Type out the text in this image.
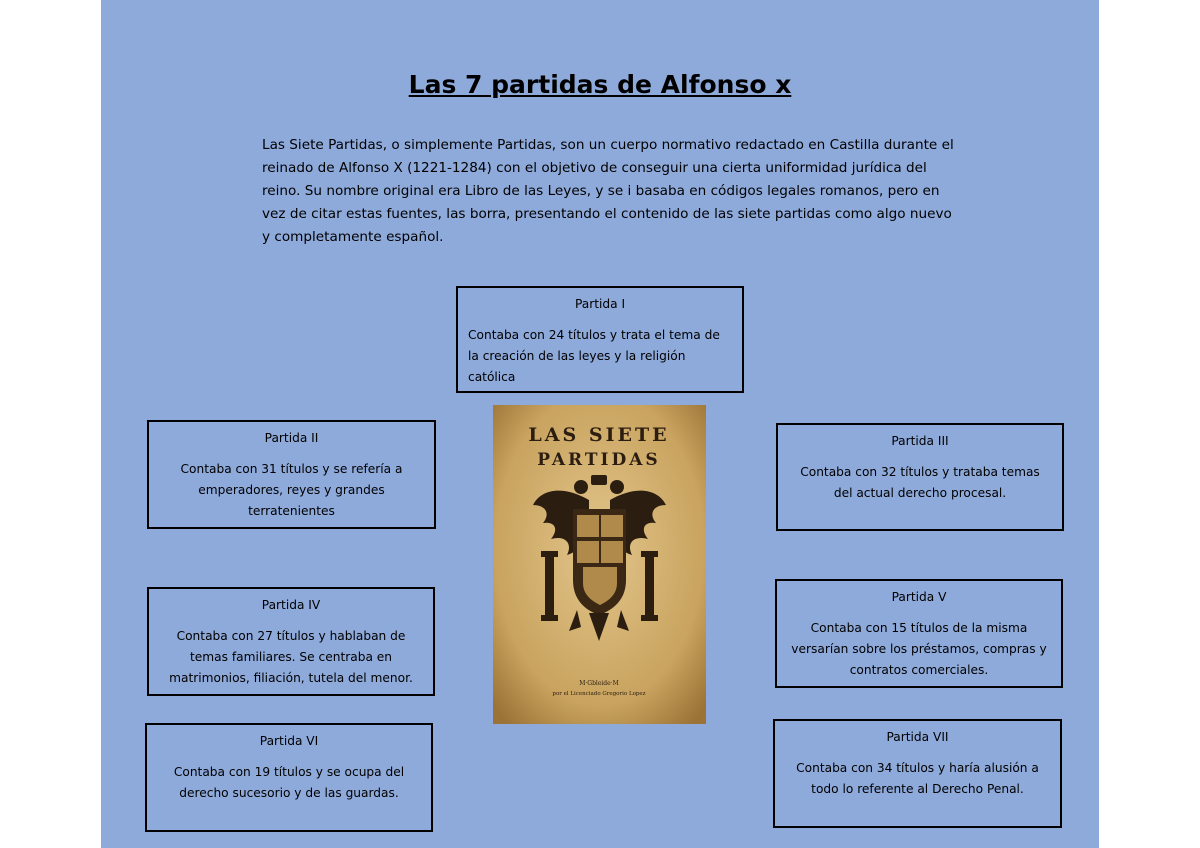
Las 7 partidas de Alfonso x
Las Siete Partidas, o simplemente Partidas, son un cuerpo normativo redactado en Castilla durante el reinado de Alfonso X (1221-1284) con el objetivo de conseguir una cierta uniformidad jurídica del reino. Su nombre original era Libro de las Leyes, y se i basaba en códigos legales romanos, pero en vez de citar estas fuentes, las borra, presentando el contenido de las siete partidas como algo nuevo y completamente español.
Partida I
Contaba con 24 títulos y trata el tema de la creación de las leyes y la religión católica
Partida II
Contaba con 31 títulos y se refería a emperadores, reyes y grandes terratenientes
Partida III
Contaba con 32 títulos y trataba temas del actual derecho procesal.
Partida IV
Contaba con 27 títulos y hablaban de temas familiares. Se centraba en matrimonios, filiación, tutela del menor.
Partida V
Contaba con 15 títulos de la misma versarían sobre los préstamos, compras y contratos comerciales.
Partida VI
Contaba con 19 títulos y se ocupa del derecho sucesorio y de las guardas.
Partida VII
Contaba con 34 títulos y haría alusión a todo lo referente al Derecho Penal.
LAS SIETE
PARTIDAS
M·Gbleide·M
por el Licenciado Gregorio Lopez
